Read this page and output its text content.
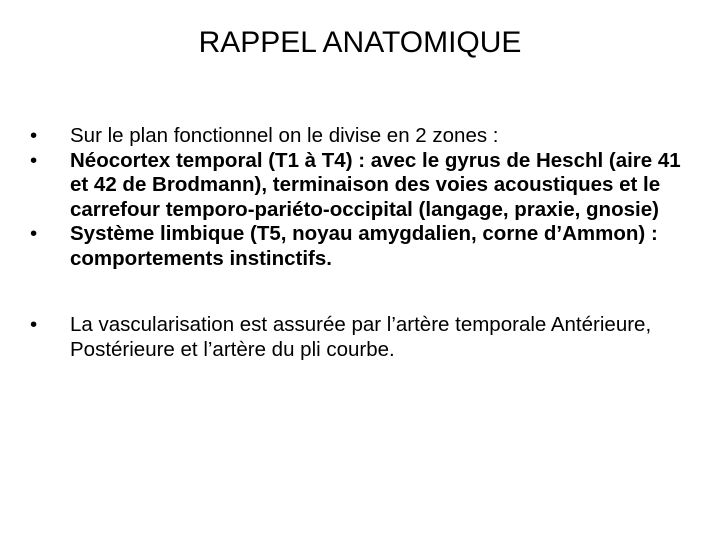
RAPPEL ANATOMIQUE
•	Sur le plan fonctionnel on le divise en 2 zones :
•	Néocortex temporal (T1 à T4) : avec le gyrus de Heschl (aire 41 et 42 de Brodmann), terminaison des voies acoustiques et le carrefour temporo-pariéto-occipital (langage, praxie, gnosie)
•	Système limbique (T5, noyau amygdalien, corne d’Ammon) : comportements instinctifs.
•	La vascularisation est assurée par l’artère temporale Antérieure, Postérieure et l’artère du pli courbe.
